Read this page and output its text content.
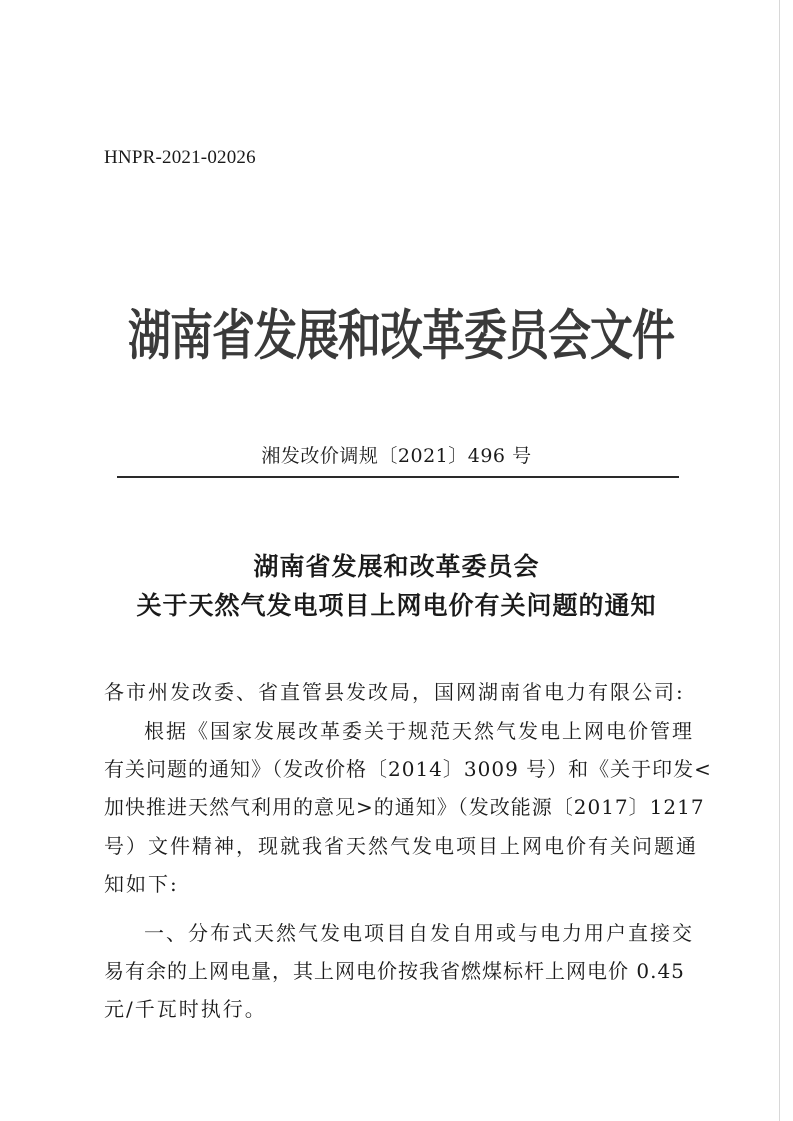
HNPR-2021-02026
湖南省发展和改革委员会文件
湘发改价调规〔2021〕496 号
湖南省发展和改革委员会
关于天然气发电项目上网电价有关问题的通知
各市州发改委、省直管县发改局，国网湖南省电力有限公司:
根据《国家发展改革委关于规范天然气发电上网电价管理
有关问题的通知》（发改价格〔2014〕3009 号）和《关于印发<
加快推进天然气利用的意见>的通知》（发改能源〔2017〕1217
号）文件精神，现就我省天然气发电项目上网电价有关问题通
知如下:
一、分布式天然气发电项目自发自用或与电力用户直接交
易有余的上网电量，其上网电价按我省燃煤标杆上网电价 0.45
元/千瓦时执行。
